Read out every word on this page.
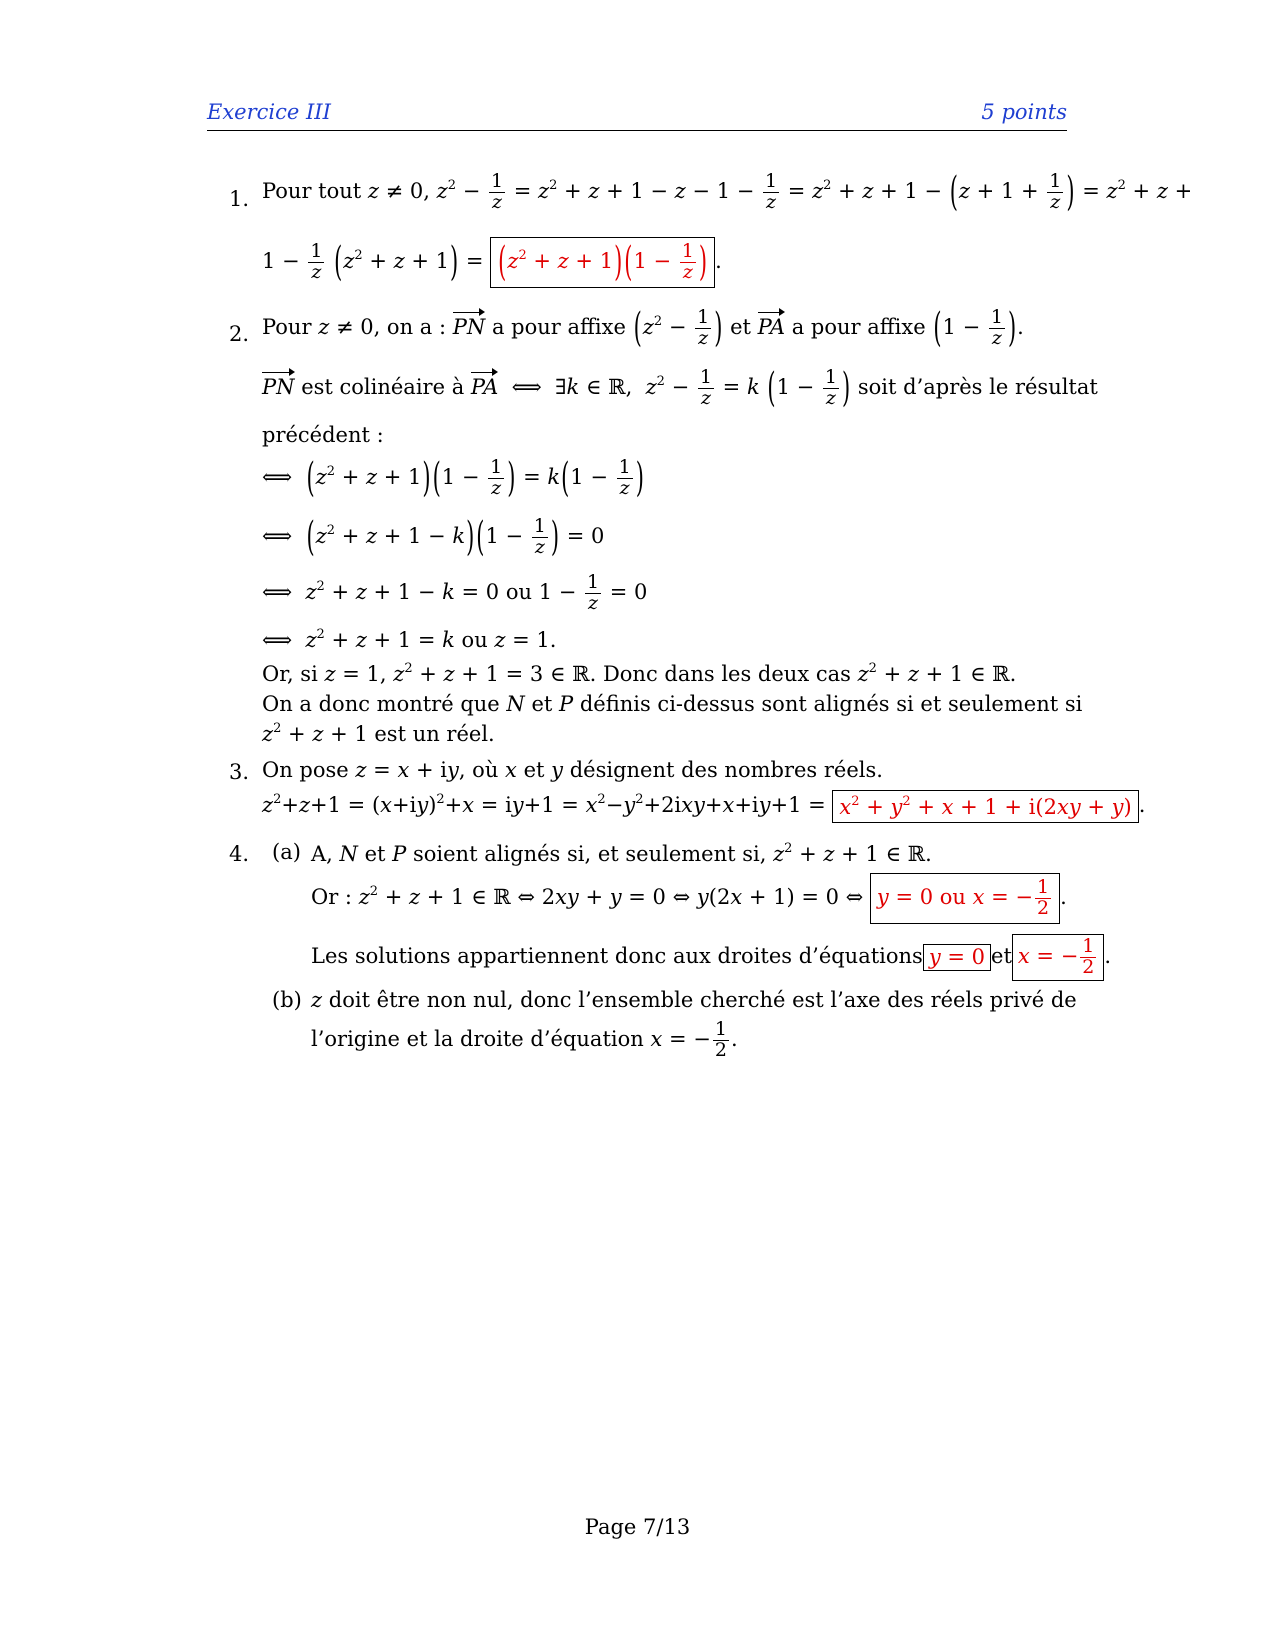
Exercice III	5 points
1. Pour tout z ≠ 0, $z^2 - \frac{1}{z} = z^2 + z + 1 - z - 1 - \frac{1}{z} = z^2 + z + 1 - (z + 1 + \frac{1}{z}$ ) = $z^2 + z$ +
$1 - \frac{1}{z} (z^2 + z + 1) = (z^2 + z + 1)(1 - \frac{1}{z}$ ) .
2. Pour z ≠ 0, on a : PN a pour affixe ($z^2 - \frac{1}{z}$ ) et PA a pour affixe ($1 - \frac{1}{z}$ ).
PN est colinéaire à PA  ⟺  ∃k ∈ ℝ,  $z^2 - \frac{1}{z} = k$ ($1 - \frac{1}{z}$ ) soit d’après le résultat
précédent :
⟺  $(z^2 + z + 1)(1 - \frac{1}{z}$ ) = $k(1 - \frac{1}{z}$ )
⟺  $(z^2 + z + 1 - k)(1 - \frac{1}{z}$ ) = 0
⟺  $z^2 + z + 1 - k = 0$ ou $1 - \frac{1}{z} = 0$
⟺  $z^2 + z + 1 = k$ ou z = 1.
Or, si z = 1, $z^2 + z + 1 = 3$ ∈ ℝ. Donc dans les deux cas $z^2 + z + 1$ ∈ ℝ.
On a donc montré que N et P définis ci-dessus sont alignés si et seulement si
$z^2 + z + 1$ est un réel.
3. On pose z = x + iy, où x et y désignent des nombres réels.
$z^2+z+1 = (x+iy)^2+x = iy+1 = x^2-y^2+2ixy+x+iy+1 = x^2 + y^2 + x + 1 + i(2xy + y)$ .
4. (a) A, N et P soient alignés si, et seulement si, $z^2 + z + 1$ ∈ ℝ.
Or : $z^2 + z + 1$ ∈ ℝ ⇔ 2xy + y = 0 ⇔ y(2x + 1) = 0 ⇔ y = 0 ou x = − $\frac{1}{2}$ .
Les solutions appartiennent donc aux droites d’équations y = 0 et x = − $\frac{1}{2}$ .
(b) z doit être non nul, donc l’ensemble cherché est l’axe des réels privé de
l’origine et la droite d’équation x = − $\frac{1}{2}$ .
Page 7/13
